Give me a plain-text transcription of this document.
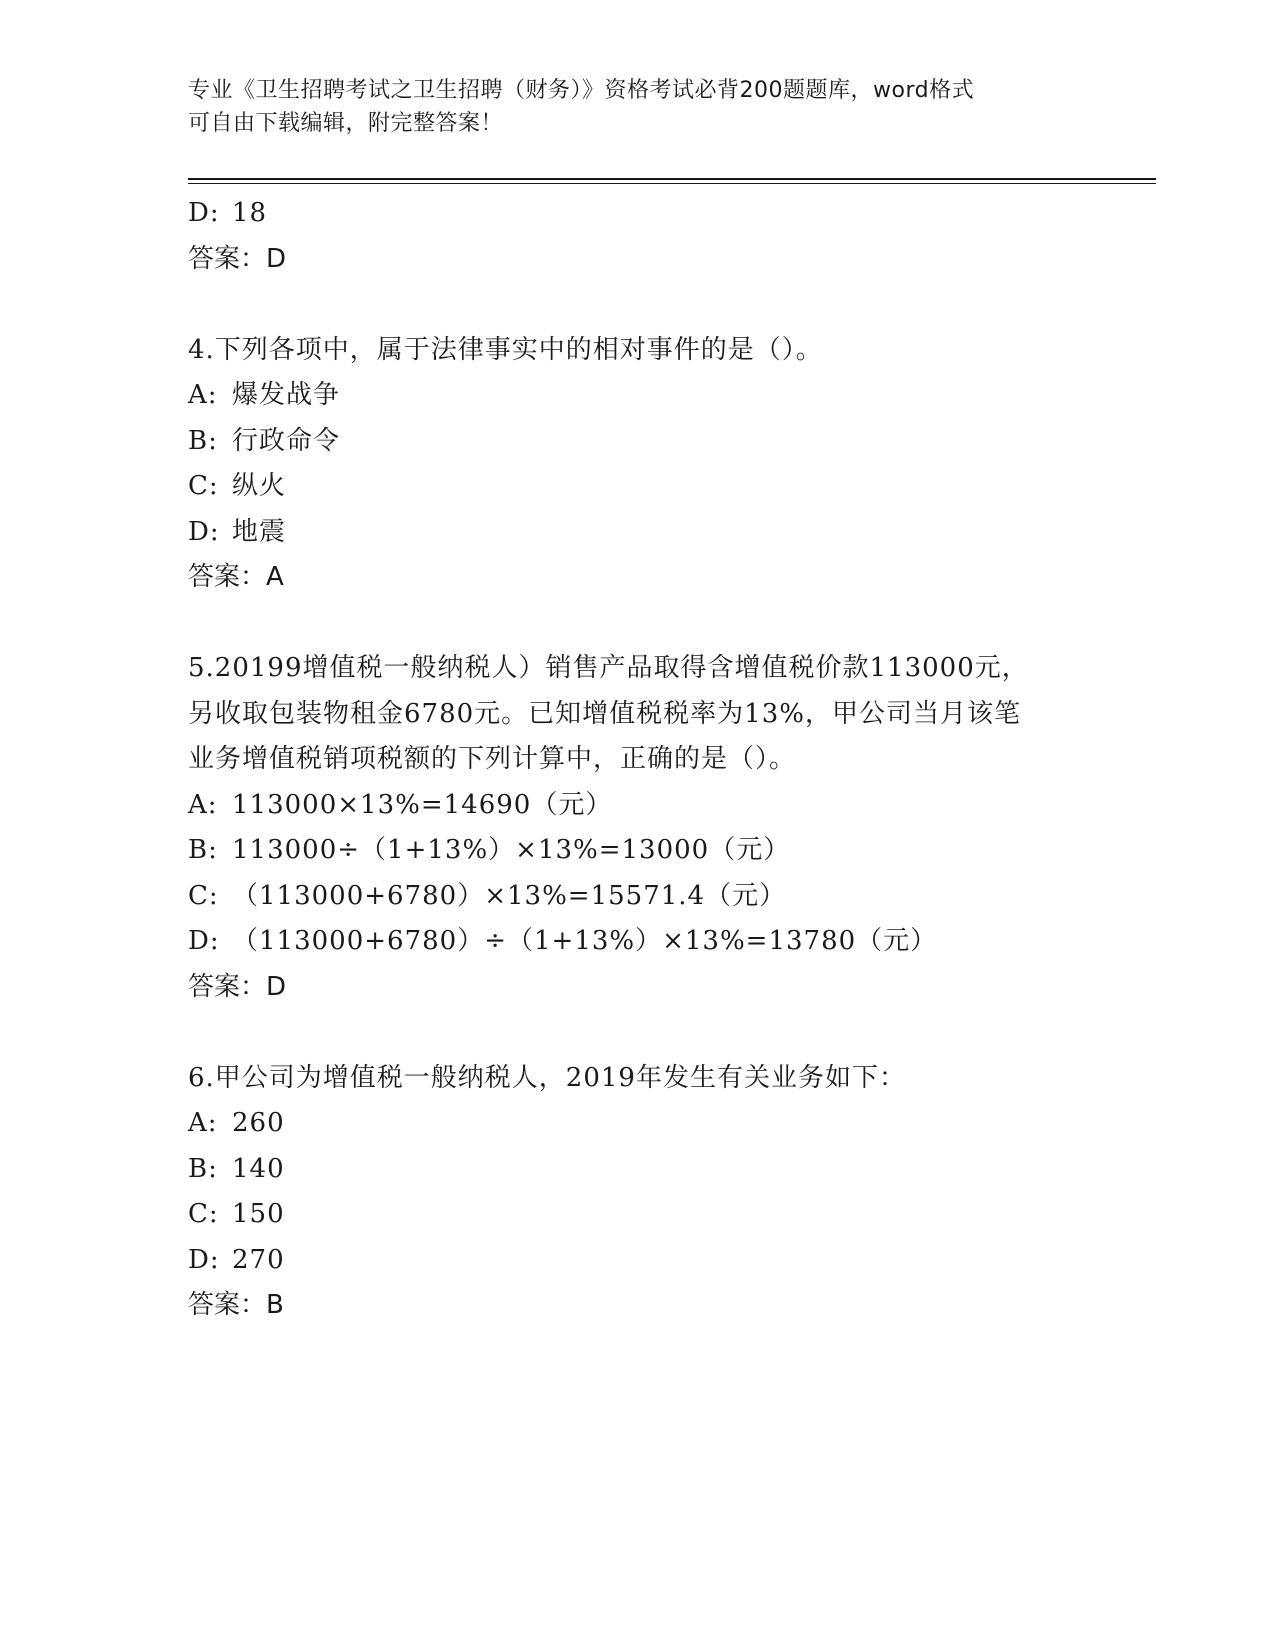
专业《卫生招聘考试之卫生招聘（财务）》资格考试必背200题题库，word格式
可自由下载编辑，附完整答案！
D: 18
答案：D
4.下列各项中，属于法律事实中的相对事件的是（）。
A: 爆发战争
B: 行政命令
C: 纵火
D: 地震
答案：A
5.20199增值税一般纳税人）销售产品取得含增值税价款113000元，
另收取包装物租金6780元。已知增值税税率为13%，甲公司当月该笔
业务增值税销项税额的下列计算中，正确的是（）。
A: 113000×13%=14690（元）
B: 113000÷（1+13%）×13%=13000（元）
C: （113000+6780）×13%=15571.4（元）
D: （113000+6780）÷（1+13%）×13%=13780（元）
答案：D
6.甲公司为增值税一般纳税人，2019年发生有关业务如下：
A: 260
B: 140
C: 150
D: 270
答案：B
